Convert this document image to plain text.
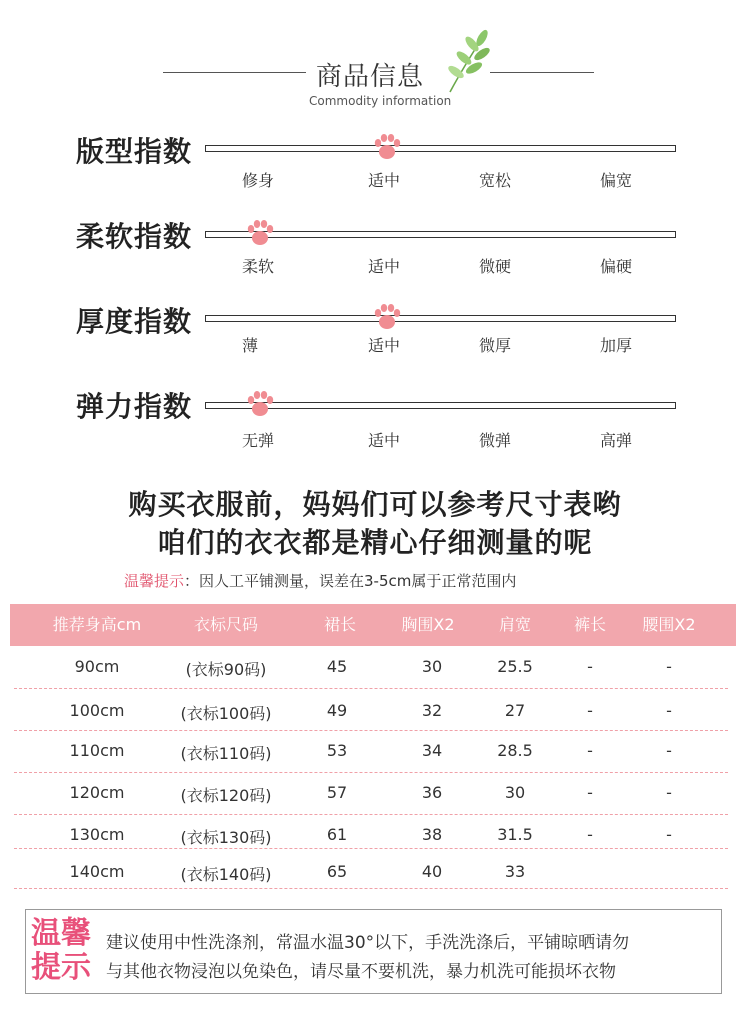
商品信息
Commodity information
版型指数
修身	适中	宽松	偏宽
柔软指数
柔软	适中	微硬	偏硬
厚度指数
薄	适中	微厚	加厚
弹力指数
无弹	适中	微弹	高弹
购买衣服前，妈妈们可以参考尺寸表哟
咱们的衣衣都是精心仔细测量的呢
温馨提示：因人工平铺测量，误差在3-5cm属于正常范围内
推荐身高cm	衣标尺码	裙长	胸围X2	肩宽	裤长	腰围X2
90cm	(衣标90码)	45	30	25.5	-	-
100cm	(衣标100码)	49	32	27	-	-
110cm	(衣标110码)	53	34	28.5	-	-
120cm	(衣标120码)	57	36	30	-	-
130cm	(衣标130码)	61	38	31.5	-	-
140cm	(衣标140码)	65	40	33
温馨
提示
建议使用中性洗涤剂，常温水温30°以下，手洗洗涤后，平铺晾晒请勿
与其他衣物浸泡以免染色，请尽量不要机洗，暴力机洗可能损坏衣物
